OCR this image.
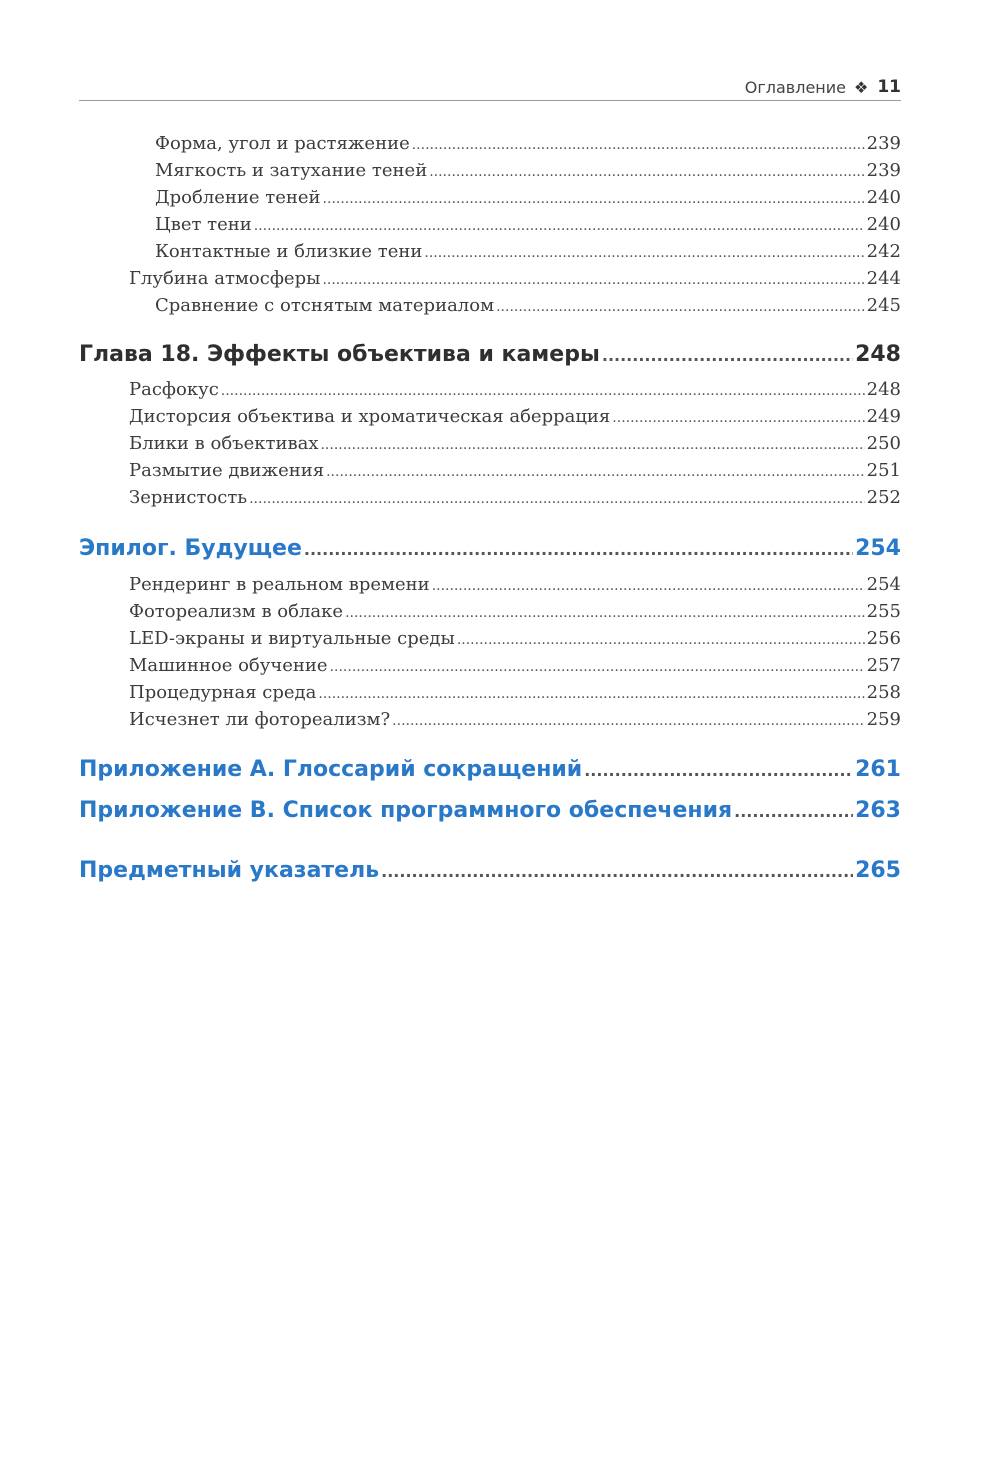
Оглавление ❖ 11
Форма, угол и растяжение .....	239
Мягкость и затухание теней .....	239
Дробление теней .....	240
Цвет тени .....	240
Контактные и близкие тени .....	242
Глубина атмосферы .....	244
Сравнение с отснятым материалом .....	245
Глава 18. Эффекты объектива и камеры .....	248
Расфокус .....	248
Дисторсия объектива и хроматическая аберрация .....	249
Блики в объективах .....	250
Размытие движения .....	251
Зернистость .....	252
Эпилог. Будущее .....	254
Рендеринг в реальном времени .....	254
Фотореализм в облаке .....	255
LED-экраны и виртуальные среды .....	256
Машинное обучение .....	257
Процедурная среда .....	258
Исчезнет ли фотореализм? .....	259
Приложение А. Глоссарий сокращений .....	261
Приложение В. Список программного обеспечения .....	263
Предметный указатель .....	265
